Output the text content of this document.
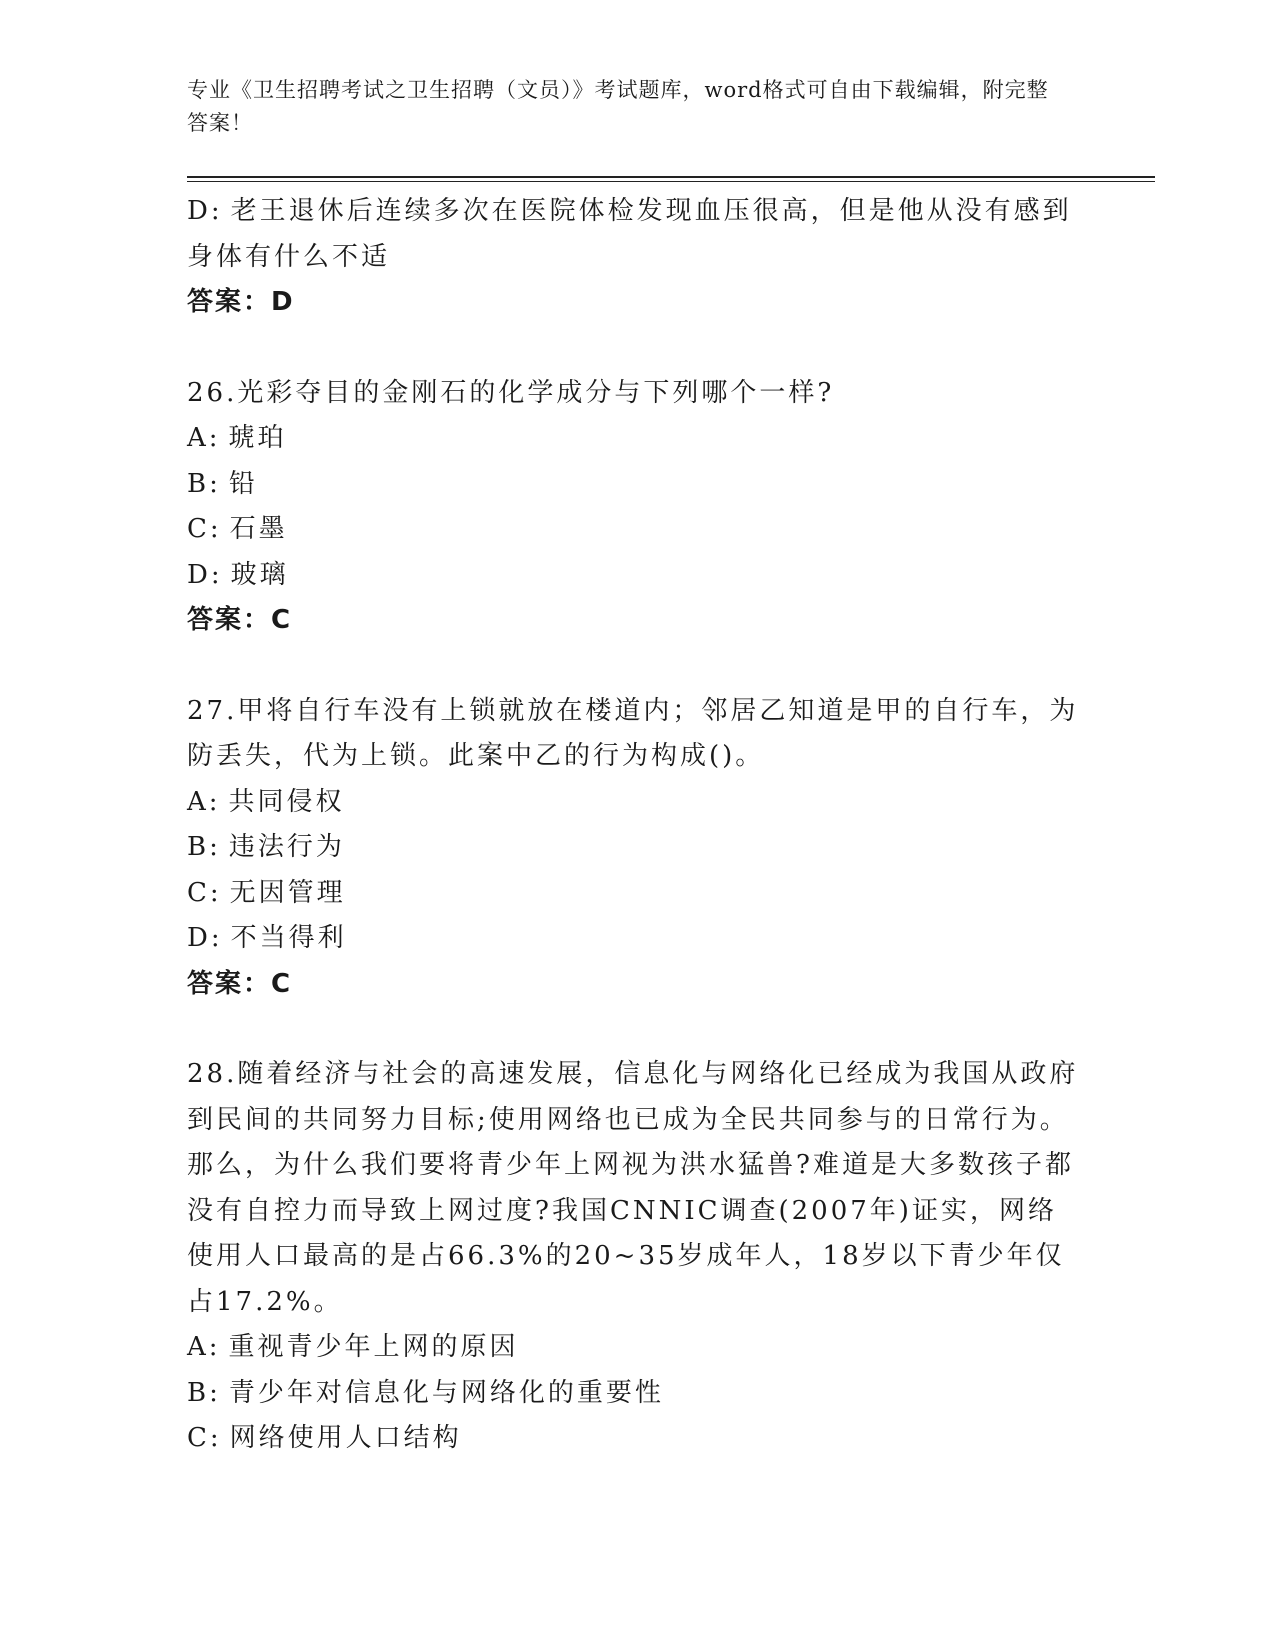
专业《卫生招聘考试之卫生招聘（文员）》考试题库，word格式可自由下载编辑，附完整答案！
D: 老王退休后连续多次在医院体检发现血压很高，但是他从没有感到身体有什么不适
答案：D
26.光彩夺目的金刚石的化学成分与下列哪个一样?
A: 琥珀
B: 铅
C: 石墨
D: 玻璃
答案：C
27.甲将自行车没有上锁就放在楼道内；邻居乙知道是甲的自行车，为防丢失，代为上锁。此案中乙的行为构成()。
A: 共同侵权
B: 违法行为
C: 无因管理
D: 不当得利
答案：C
28.随着经济与社会的高速发展，信息化与网络化已经成为我国从政府到民间的共同努力目标;使用网络也已成为全民共同参与的日常行为。那么，为什么我们要将青少年上网视为洪水猛兽?难道是大多数孩子都没有自控力而导致上网过度?我国CNNIC调查(2007年)证实，网络使用人口最高的是占66.3%的20~35岁成年人，18岁以下青少年仅占17.2%。
A: 重视青少年上网的原因
B: 青少年对信息化与网络化的重要性
C: 网络使用人口结构
